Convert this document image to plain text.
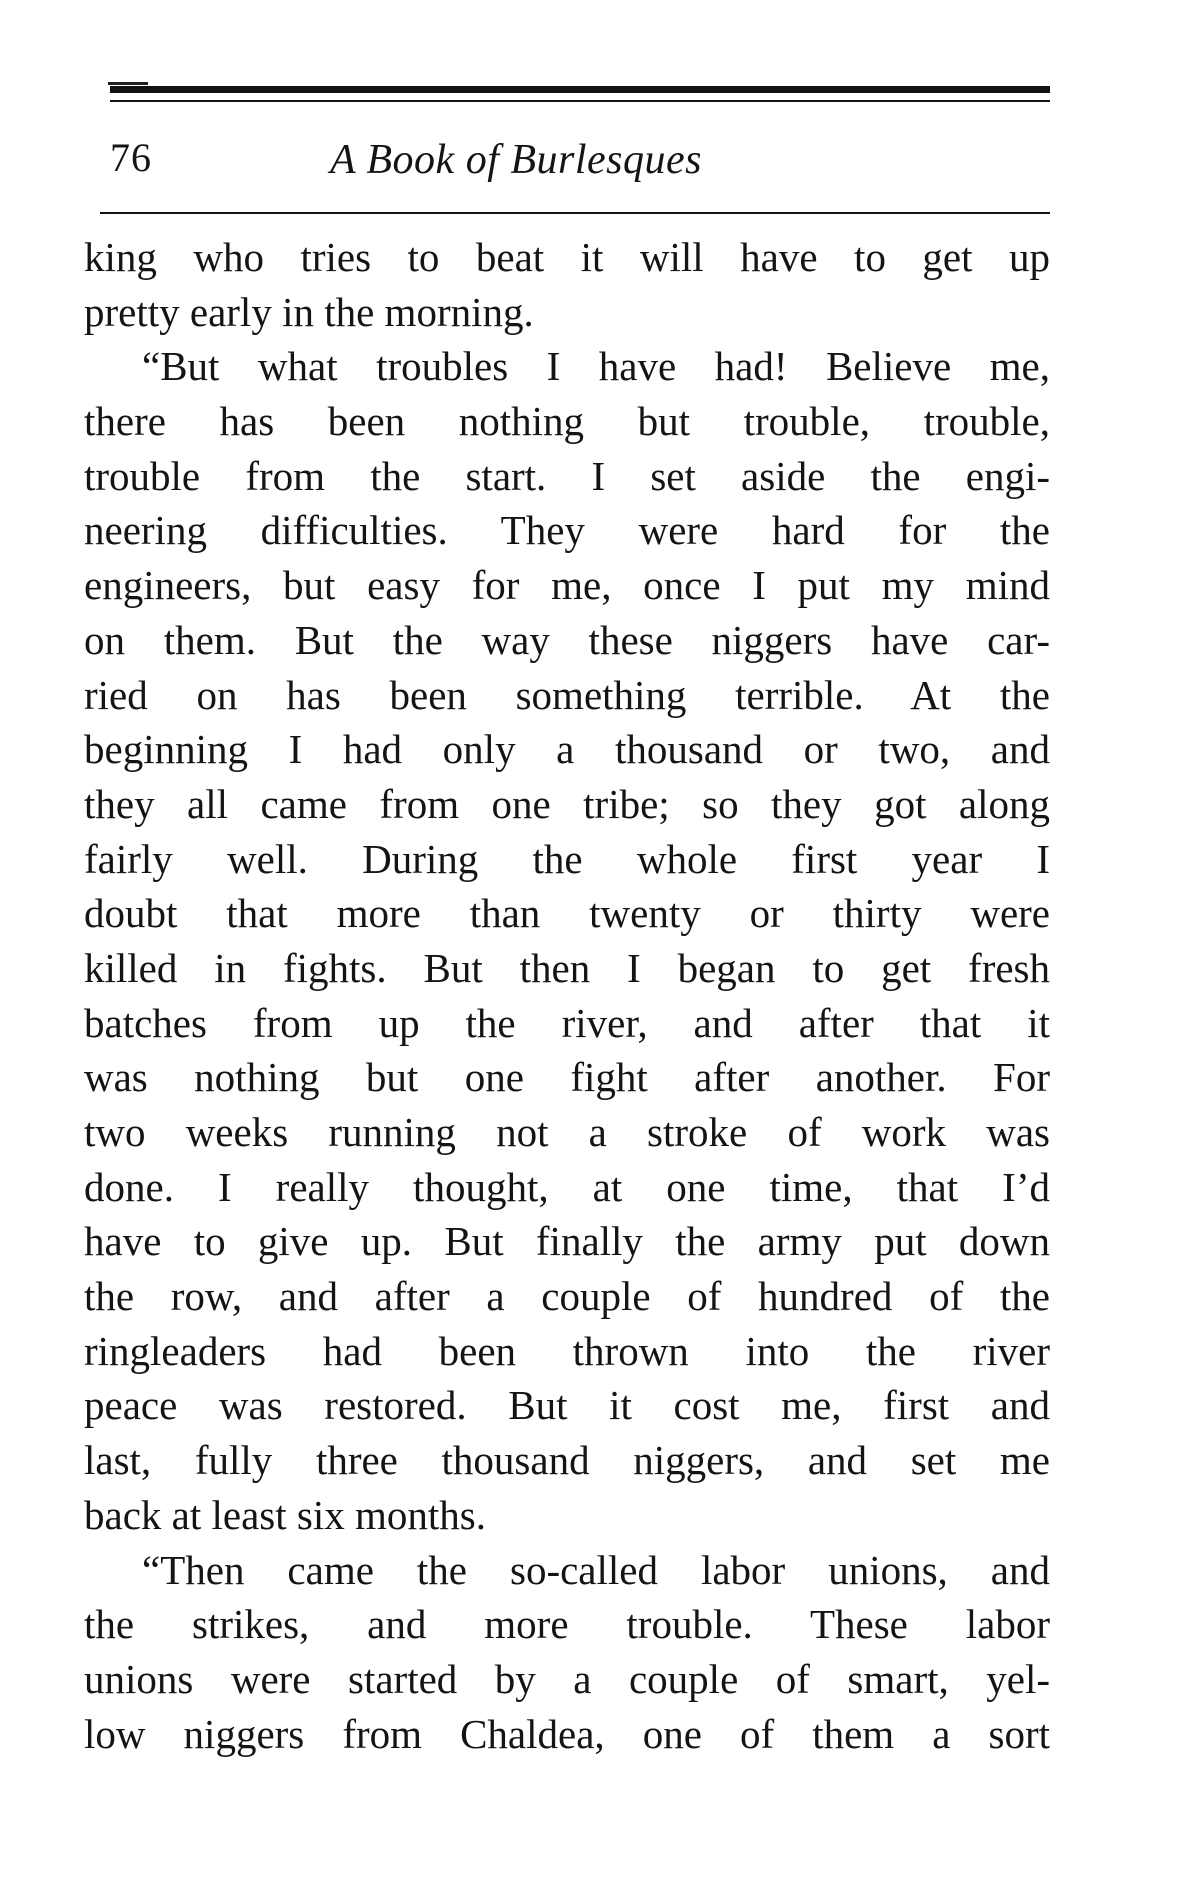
76	A Book of Burlesques
king who tries to beat it will have to get up
pretty early in the morning.
“But what troubles I have had! Believe me,
there has been nothing but trouble, trouble,
trouble from the start. I set aside the engi-
neering difficulties. They were hard for the
engineers, but easy for me, once I put my mind
on them. But the way these niggers have car-
ried on has been something terrible. At the
beginning I had only a thousand or two, and
they all came from one tribe; so they got along
fairly well. During the whole first year I
doubt that more than twenty or thirty were
killed in fights. But then I began to get fresh
batches from up the river, and after that it
was nothing but one fight after another. For
two weeks running not a stroke of work was
done. I really thought, at one time, that I’d
have to give up. But finally the army put down
the row, and after a couple of hundred of the
ringleaders had been thrown into the river
peace was restored. But it cost me, first and
last, fully three thousand niggers, and set me
back at least six months.
“Then came the so-called labor unions, and
the strikes, and more trouble. These labor
unions were started by a couple of smart, yel-
low niggers from Chaldea, one of them a sort
